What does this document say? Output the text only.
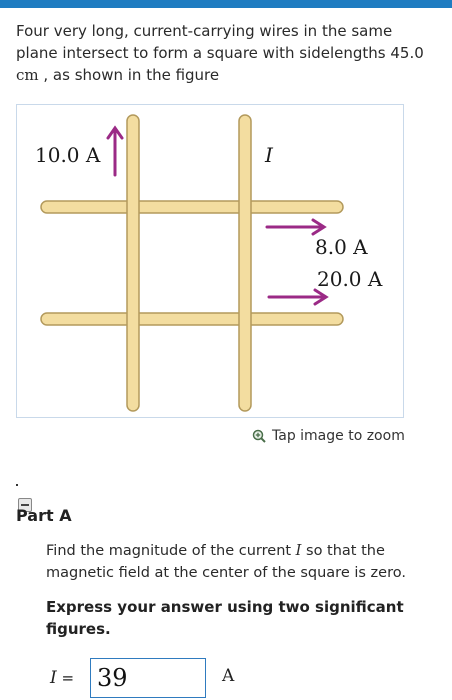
Four very long, current-carrying wires in the same plane intersect to form a square with sidelengths 45.0 cm , as shown in the figure
10.0 A	I
8.0 A
20.0 A
Tap image to zoom
Part A
Find the magnitude of the current I so that the magnetic field at the center of the square is zero.
Express your answer using two significant figures.
I =
39	A
